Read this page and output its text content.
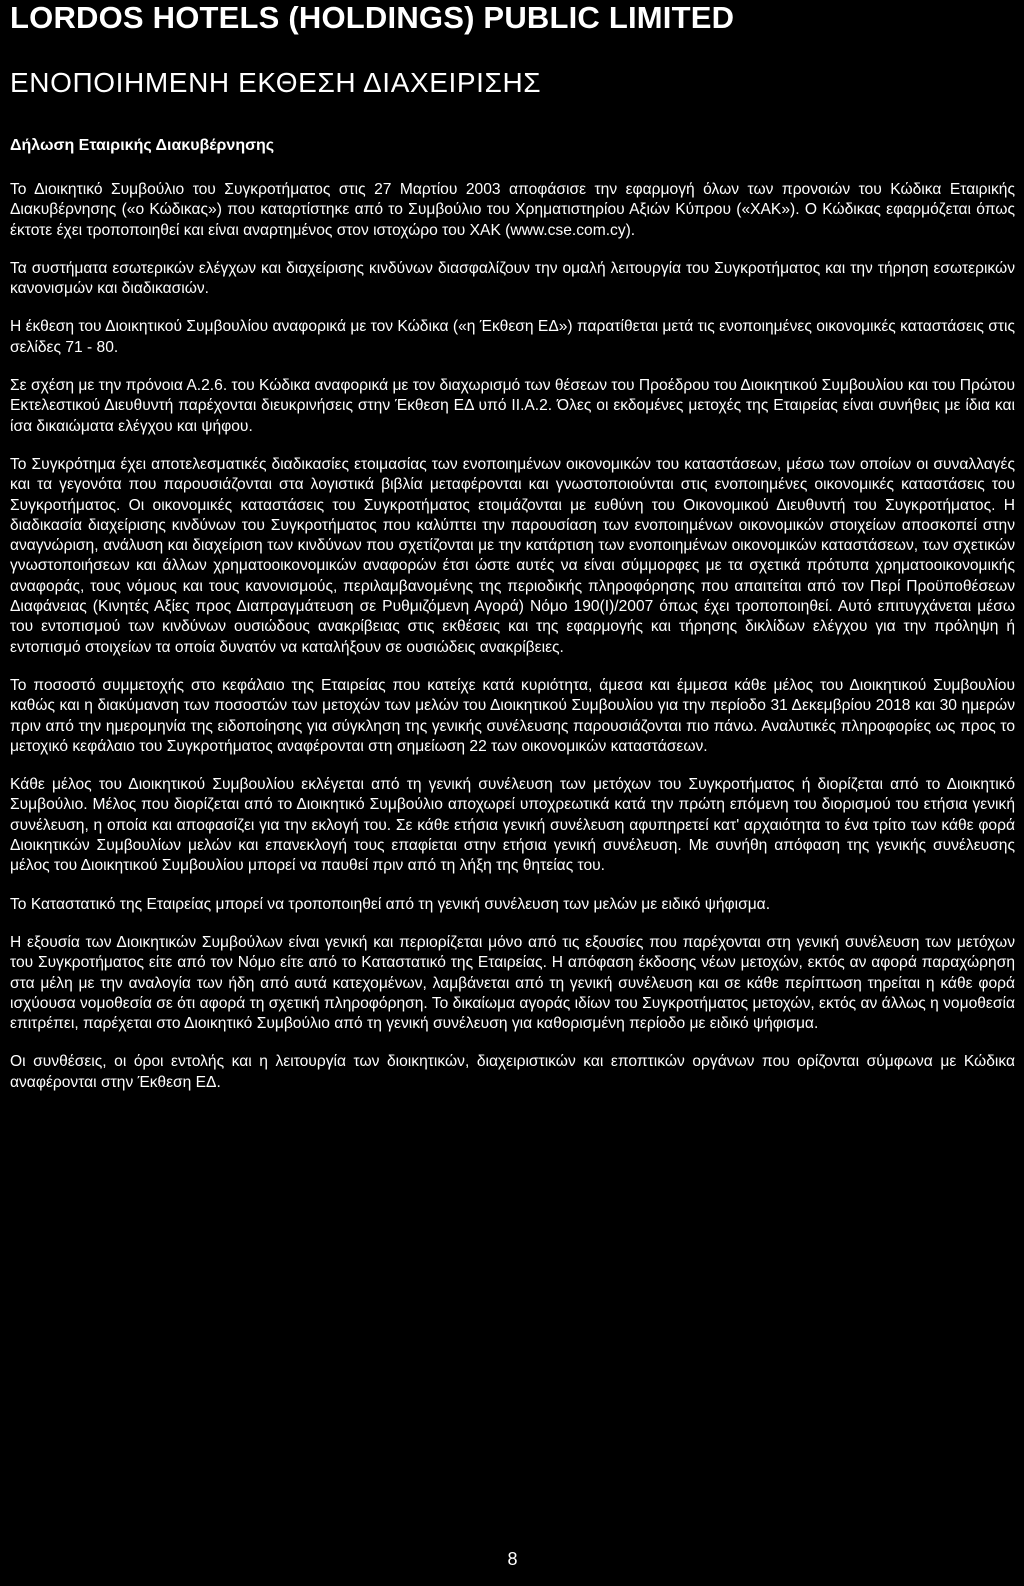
LORDOS HOTELS (HOLDINGS) PUBLIC LIMITED
ΕΝΟΠΟΙΗΜΕΝΗ ΕΚΘΕΣΗ ΔΙΑΧΕΙΡΙΣΗΣ
Δήλωση Εταιρικής Διακυβέρνησης

Το Διοικητικό Συμβούλιο του Συγκροτήματος στις 27 Μαρτίου 2003 αποφάσισε την εφαρμογή όλων των προνοιών του Κώδικα Εταιρικής Διακυβέρνησης («ο Κώδικας») που καταρτίστηκε από το Συμβούλιο του Χρηματιστηρίου Αξιών Κύπρου («ΧΑΚ»). Ο Κώδικας εφαρμόζεται όπως έκτοτε έχει τροποποιηθεί και είναι αναρτημένος στον ιστοχώρο του ΧΑΚ (www.cse.com.cy).

Τα συστήματα εσωτερικών ελέγχων και διαχείρισης κινδύνων διασφαλίζουν την ομαλή λειτουργία του Συγκροτήματος και την τήρηση εσωτερικών κανονισμών και διαδικασιών.

Η έκθεση του Διοικητικού Συμβουλίου αναφορικά με τον Κώδικα («η Έκθεση ΕΔ») παρατίθεται μετά τις ενοποιημένες οικονομικές καταστάσεις στις σελίδες 71 - 80.

Σε σχέση με την πρόνοια Α.2.6. του Κώδικα αναφορικά με τον διαχωρισμό των θέσεων του Προέδρου του Διοικητικού Συμβουλίου και του Πρώτου Εκτελεστικού Διευθυντή παρέχονται διευκρινήσεις στην Έκθεση ΕΔ υπό ΙΙ.Α.2. Όλες οι εκδομένες μετοχές της Εταιρείας είναι συνήθεις με ίδια και ίσα δικαιώματα ελέγχου και ψήφου.

Το Συγκρότημα έχει αποτελεσματικές διαδικασίες ετοιμασίας των ενοποιημένων οικονομικών του καταστάσεων, μέσω των οποίων οι συναλλαγές και τα γεγονότα που παρουσιάζονται στα λογιστικά βιβλία μεταφέρονται και γνωστοποιούνται στις ενοποιημένες οικονομικές καταστάσεις του Συγκροτήματος. Οι οικονομικές καταστάσεις του Συγκροτήματος ετοιμάζονται με ευθύνη του Οικονομικού Διευθυντή του Συγκροτήματος. Η διαδικασία διαχείρισης κινδύνων του Συγκροτήματος που καλύπτει την παρουσίαση των ενοποιημένων οικονομικών στοιχείων αποσκοπεί στην αναγνώριση, ανάλυση και διαχείριση των κινδύνων που σχετίζονται με την κατάρτιση των ενοποιημένων οικονομικών καταστάσεων, των σχετικών γνωστοποιήσεων και άλλων χρηματοοικονομικών αναφορών έτσι ώστε αυτές να είναι σύμμορφες με τα σχετικά πρότυπα χρηματοοικονομικής αναφοράς, τους νόμους και τους κανονισμούς, περιλαμβανομένης της περιοδικής πληροφόρησης που απαιτείται από τον Περί Προϋποθέσεων Διαφάνειας (Κινητές Αξίες προς Διαπραγμάτευση σε Ρυθμιζόμενη Αγορά) Νόμο 190(Ι)/2007 όπως έχει τροποποιηθεί. Αυτό επιτυγχάνεται μέσω του εντοπισμού των κινδύνων ουσιώδους ανακρίβειας στις εκθέσεις και της εφαρμογής και τήρησης δικλίδων ελέγχου για την πρόληψη ή εντοπισμό στοιχείων τα οποία δυνατόν να καταλήξουν σε ουσιώδεις ανακρίβειες.

Το ποσοστό συμμετοχής στο κεφάλαιο της Εταιρείας που κατείχε κατά κυριότητα, άμεσα και έμμεσα κάθε μέλος του Διοικητικού Συμβουλίου καθώς και η διακύμανση των ποσοστών των μετοχών των μελών του Διοικητικού Συμβουλίου για την περίοδο 31 Δεκεμβρίου 2018 και 30 ημερών πριν από την ημερομηνία της ειδοποίησης για σύγκληση της γενικής συνέλευσης παρουσιάζονται πιο πάνω. Αναλυτικές πληροφορίες ως προς το μετοχικό κεφάλαιο του Συγκροτήματος αναφέρονται στη σημείωση 22 των οικονομικών καταστάσεων.

Κάθε μέλος του Διοικητικού Συμβουλίου εκλέγεται από τη γενική συνέλευση των μετόχων του Συγκροτήματος ή διορίζεται από το Διοικητικό Συμβούλιο. Μέλος που διορίζεται από το Διοικητικό Συμβούλιο αποχωρεί υποχρεωτικά κατά την πρώτη επόμενη του διορισμού του ετήσια γενική συνέλευση, η οποία και αποφασίζει για την εκλογή του. Σε κάθε ετήσια γενική συνέλευση αφυπηρετεί κατ' αρχαιότητα το ένα τρίτο των κάθε φορά Διοικητικών Συμβουλίων μελών και επανεκλογή τους επαφίεται στην ετήσια γενική συνέλευση. Με συνήθη απόφαση της γενικής συνέλευσης μέλος του Διοικητικού Συμβουλίου μπορεί να παυθεί πριν από τη λήξη της θητείας του.

Το Καταστατικό της Εταιρείας μπορεί να τροποποιηθεί από τη γενική συνέλευση των μελών με ειδικό ψήφισμα.

Η εξουσία των Διοικητικών Συμβούλων είναι γενική και περιορίζεται μόνο από τις εξουσίες που παρέχονται στη γενική συνέλευση των μετόχων του Συγκροτήματος είτε από τον Νόμο είτε από το Καταστατικό της Εταιρείας. Η απόφαση έκδοσης νέων μετοχών, εκτός αν αφορά παραχώρηση στα μέλη με την αναλογία των ήδη από αυτά κατεχομένων, λαμβάνεται από τη γενική συνέλευση και σε κάθε περίπτωση τηρείται η κάθε φορά ισχύουσα νομοθεσία σε ότι αφορά τη σχετική πληροφόρηση. Το δικαίωμα αγοράς ιδίων του Συγκροτήματος μετοχών, εκτός αν άλλως η νομοθεσία επιτρέπει, παρέχεται στο Διοικητικό Συμβούλιο από τη γενική συνέλευση για καθορισμένη περίοδο με ειδικό ψήφισμα.

Οι συνθέσεις, οι όροι εντολής και η λειτουργία των διοικητικών, διαχειριστικών και εποπτικών οργάνων που ορίζονται σύμφωνα με Κώδικα αναφέρονται στην Έκθεση ΕΔ.

8
